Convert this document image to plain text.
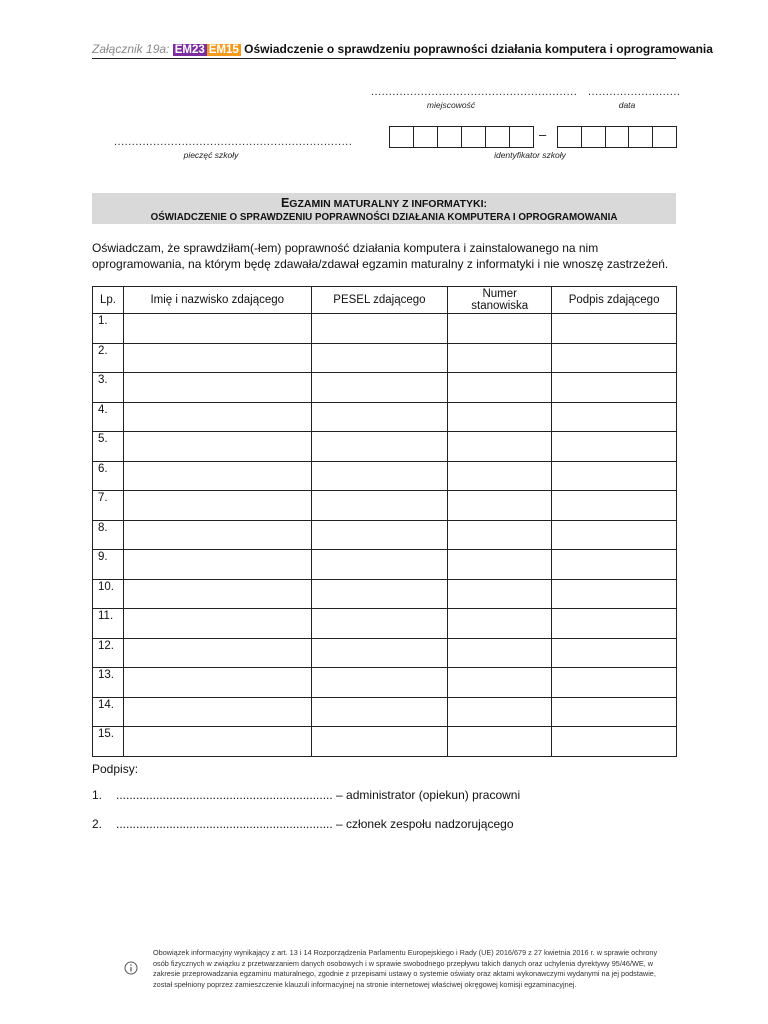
Załącznik 19a: EM23 EM15 Oświadczenie o sprawdzeniu poprawności działania komputera i oprogramowania
..........................................................
miejscowość
..........................
data
...................................................................
pieczęć szkoły
–
identyfikator szkoły
EGZAMIN MATURALNY Z INFORMATYKI:
OŚWIADCZENIE O SPRAWDZENIU POPRAWNOŚCI DZIAŁANIA KOMPUTERA I OPROGRAMOWANIA
Oświadczam, że sprawdziłam(-łem) poprawność działania komputera i zainstalowanego na nim oprogramowania, na którym będę zdawała/zdawał egzamin maturalny z informatyki i nie wnoszę zastrzeżeń.
Lp.	Imię i nazwisko zdającego	PESEL zdającego	Numer stanowiska	Podpis zdającego
1.				
2.				
3.				
4.				
5.				
6.				
7.				
8.				
9.				
10.				
11.				
12.				
13.				
14.				
15.				
Podpisy:
1. ................................................................. – administrator (opiekun) pracowni
2. ................................................................. – członek zespołu nadzorującego
Obowiązek informacyjny wynikający z art. 13 i 14 Rozporządzenia Parlamentu Europejskiego i Rady (UE) 2016/679 z 27 kwietnia 2016 r. w sprawie ochrony osób fizycznych w związku z przetwarzaniem danych osobowych i w sprawie swobodnego przepływu takich danych oraz uchylenia dyrektywy 95/46/WE, w zakresie przeprowadzania egzaminu maturalnego, zgodnie z przepisami ustawy o systemie oświaty oraz aktami wykonawczymi wydanymi na jej podstawie, został spełniony poprzez zamieszczenie klauzuli informacyjnej na stronie internetowej właściwej okręgowej komisji egzaminacyjnej.
